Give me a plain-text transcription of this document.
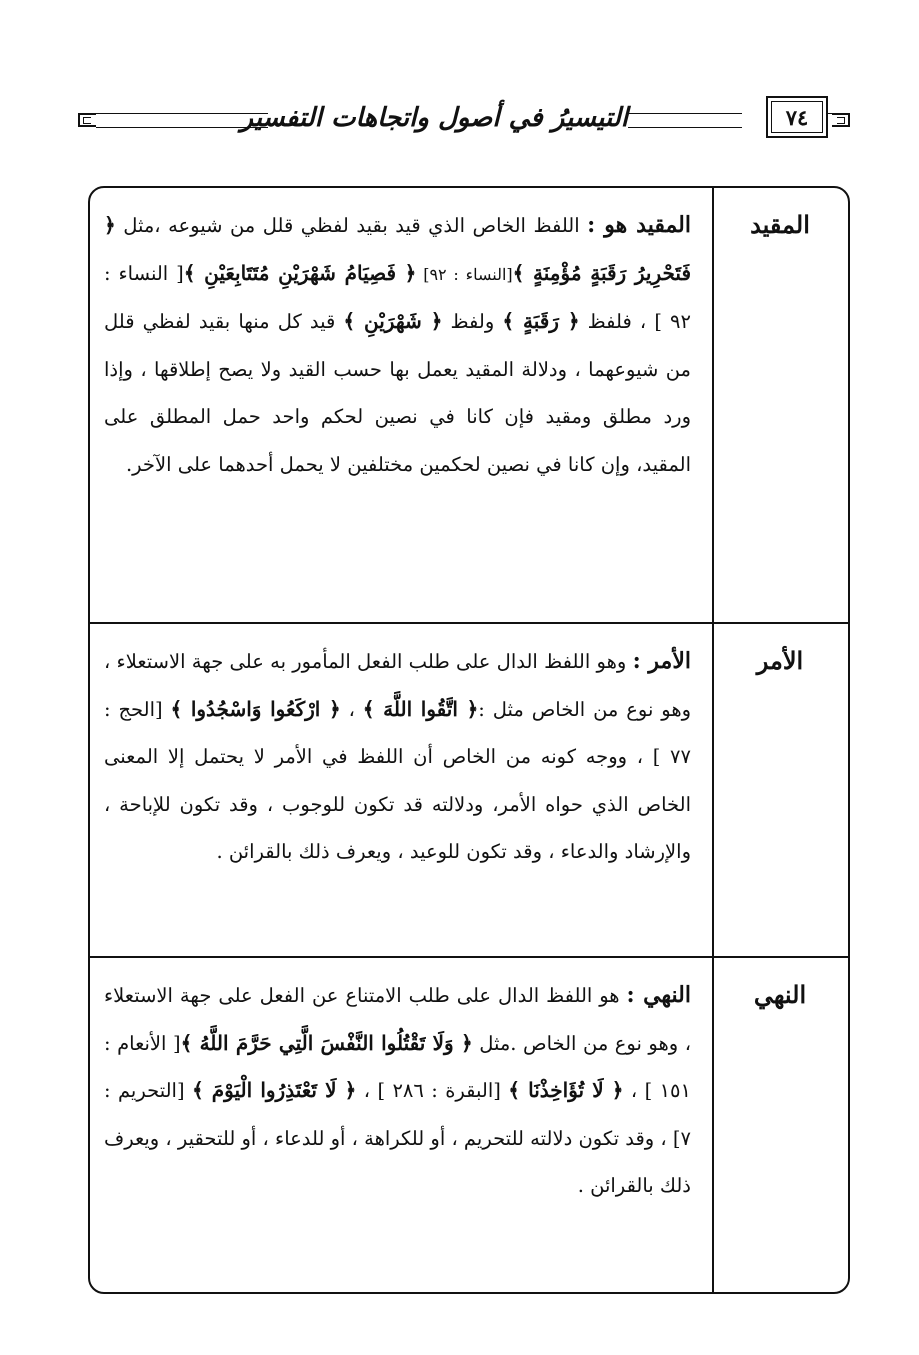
التيسيرُ في أصول واتجاهات التفسير	٧٤
المقيد

المقيد هو : اللفظ الخاص الذي قيد بقيد لفظي قلل من شيوعه ،مثل ﴿ فَتَحْرِيرُ رَقَبَةٍ مُؤْمِنَةٍ ﴾[النساء : ٩٢] ﴿ فَصِيَامُ شَهْرَيْنِ مُتَتَابِعَيْنِ ﴾[ النساء : ٩٢ ] ، فلفظ ﴿ رَقَبَةٍ ﴾ ولفظ ﴿ شَهْرَيْنِ ﴾ قيد كل منها بقيد لفظي قلل من شيوعهما ، ودلالة المقيد يعمل بها حسب القيد ولا يصح إطلاقها ، وإذا ورد مطلق ومقيد فإن كانا في نصين لحكم واحد حمل المطلق على المقيد، وإن كانا في نصين لحكمين مختلفين لا يحمل أحدهما على الآخر.

الأمر

الأمر : وهو اللفظ الدال على طلب الفعل المأمور به على جهة الاستعلاء ، وهو نوع من الخاص مثل :﴿ اتَّقُوا اللَّهَ ﴾ ، ﴿ ارْكَعُوا وَاسْجُدُوا ﴾ [الحج : ٧٧ ] ، ووجه كونه من الخاص أن اللفظ في الأمر لا يحتمل إلا المعنى الخاص الذي حواه الأمر، ودلالته قد تكون للوجوب ، وقد تكون للإباحة ، والإرشاد والدعاء ، وقد تكون للوعيد ، ويعرف ذلك بالقرائن .

النهي

النهي : هو اللفظ الدال على طلب الامتناع عن الفعل على جهة الاستعلاء ، وهو نوع من الخاص .مثل ﴿ وَلَا تَقْتُلُوا النَّفْسَ الَّتِي حَرَّمَ اللَّهُ ﴾[ الأنعام : ١٥١ ] ، ﴿ لَا تُؤَاخِذْنَا ﴾ [البقرة : ٢٨٦ ] ، ﴿ لَا تَعْتَذِرُوا الْيَوْمَ ﴾ [التحريم : ٧] ، وقد تكون دلالته للتحريم ، أو للكراهة ، أو للدعاء ، أو للتحقير ، ويعرف ذلك بالقرائن .
